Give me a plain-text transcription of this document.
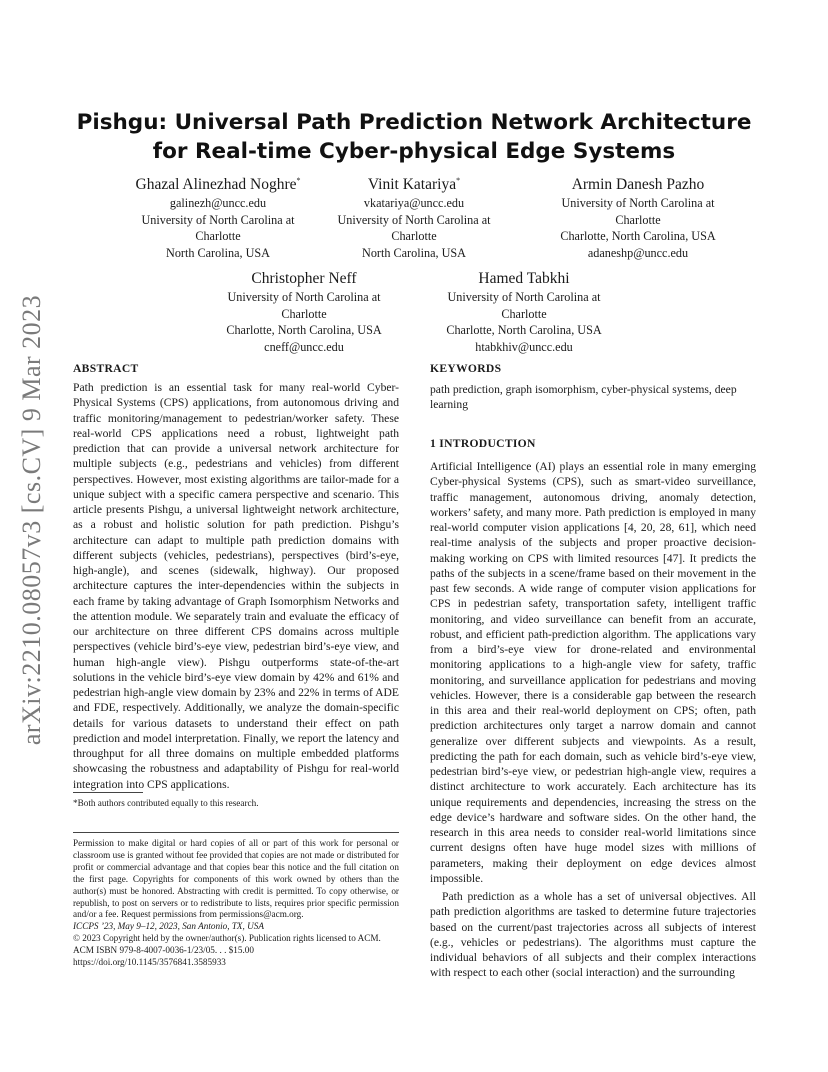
arXiv:2210.08057v3 [cs.CV] 9 Mar 2023
Pishgu: Universal Path Prediction Network Architecture for Real-time Cyber-physical Edge Systems
Ghazal Alinezhad Noghre*
galinezh@uncc.edu
University of North Carolina at
Charlotte
North Carolina, USA
Vinit Katariya*
vkatariya@uncc.edu
University of North Carolina at
Charlotte
North Carolina, USA
Armin Danesh Pazho
University of North Carolina at
Charlotte
Charlotte, North Carolina, USA
adaneshp@uncc.edu
Christopher Neff
University of North Carolina at
Charlotte
Charlotte, North Carolina, USA
cneff@uncc.edu
Hamed Tabkhi
University of North Carolina at
Charlotte
Charlotte, North Carolina, USA
htabkhiv@uncc.edu
ABSTRACT

Path prediction is an essential task for many real-world Cyber-Physical Systems (CPS) applications, from autonomous driving and traffic monitoring/management to pedestrian/worker safety. These real-world CPS applications need a robust, lightweight path prediction that can provide a universal network architecture for multiple subjects (e.g., pedestrians and vehicles) from different perspectives. However, most existing algorithms are tailor-made for a unique subject with a specific camera perspective and scenario. This article presents Pishgu, a universal lightweight network architecture, as a robust and holistic solution for path prediction. Pishgu’s architecture can adapt to multiple path prediction domains with different subjects (vehicles, pedestrians), perspectives (bird’s-eye, high-angle), and scenes (sidewalk, highway). Our proposed architecture captures the inter-dependencies within the subjects in each frame by taking advantage of Graph Isomorphism Networks and the attention module. We separately train and evaluate the efficacy of our architecture on three different CPS domains across multiple perspectives (vehicle bird’s-eye view, pedestrian bird’s-eye view, and human high-angle view). Pishgu outperforms state-of-the-art solutions in the vehicle bird’s-eye view domain by 42% and 61% and pedestrian high-angle view domain by 23% and 22% in terms of ADE and FDE, respectively. Additionally, we analyze the domain-specific details for various datasets to understand their effect on path prediction and model interpretation. Finally, we report the latency and throughput for all three domains on multiple embedded platforms showcasing the robustness and adaptability of Pishgu for real-world integration into CPS applications.

KEYWORDS
path prediction, graph isomorphism, cyber-physical systems, deep learning
1 INTRODUCTION

Artificial Intelligence (AI) plays an essential role in many emerging Cyber-physical Systems (CPS), such as smart-video surveillance, traffic management, autonomous driving, anomaly detection, workers’ safety, and many more. Path prediction is employed in many real-world computer vision applications [4, 20, 28, 61], which need real-time analysis of the subjects and proper proactive decision-making working on CPS with limited resources [47]. It predicts the paths of the subjects in a scene/frame based on their movement in the past few seconds. A wide range of computer vision applications for CPS in pedestrian safety, transportation safety, intelligent traffic monitoring, and video surveillance can benefit from an accurate, robust, and efficient path-prediction algorithm. The applications vary from a bird’s-eye view for drone-related and environmental monitoring applications to a high-angle view for safety, traffic monitoring, and surveillance application for pedestrians and moving vehicles. However, there is a considerable gap between the research in this area and their real-world deployment on CPS; often, path prediction architectures only target a narrow domain and cannot generalize over different subjects and viewpoints. As a result, predicting the path for each domain, such as vehicle bird’s-eye view, pedestrian bird’s-eye view, or pedestrian high-angle view, requires a distinct architecture to work accurately. Each architecture has its unique requirements and dependencies, increasing the stress on the edge device’s hardware and software sides. On the other hand, the research in this area needs to consider real-world limitations since current designs often have huge model sizes with millions of parameters, making their deployment on edge devices almost impossible.

Path prediction as a whole has a set of universal objectives. All path prediction algorithms are tasked to determine future trajectories based on the current/past trajectories across all subjects of interest (e.g., vehicles or pedestrians). The algorithms must capture the individual behaviors of all subjects and their complex interactions with respect to each other (social interaction) and the surrounding

*Both authors contributed equally to this research.
Permission to make digital or hard copies of all or part of this work for personal or classroom use is granted without fee provided that copies are not made or distributed for profit or commercial advantage and that copies bear this notice and the full citation on the first page. Copyrights for components of this work owned by others than the author(s) must be honored. Abstracting with credit is permitted. To copy otherwise, or republish, to post on servers or to redistribute to lists, requires prior specific permission and/or a fee. Request permissions from permissions@acm.org.
ICCPS ’23, May 9–12, 2023, San Antonio, TX, USA
© 2023 Copyright held by the owner/author(s). Publication rights licensed to ACM.
ACM ISBN 979-8-4007-0036-1/23/05. . . $15.00
https://doi.org/10.1145/3576841.3585933
